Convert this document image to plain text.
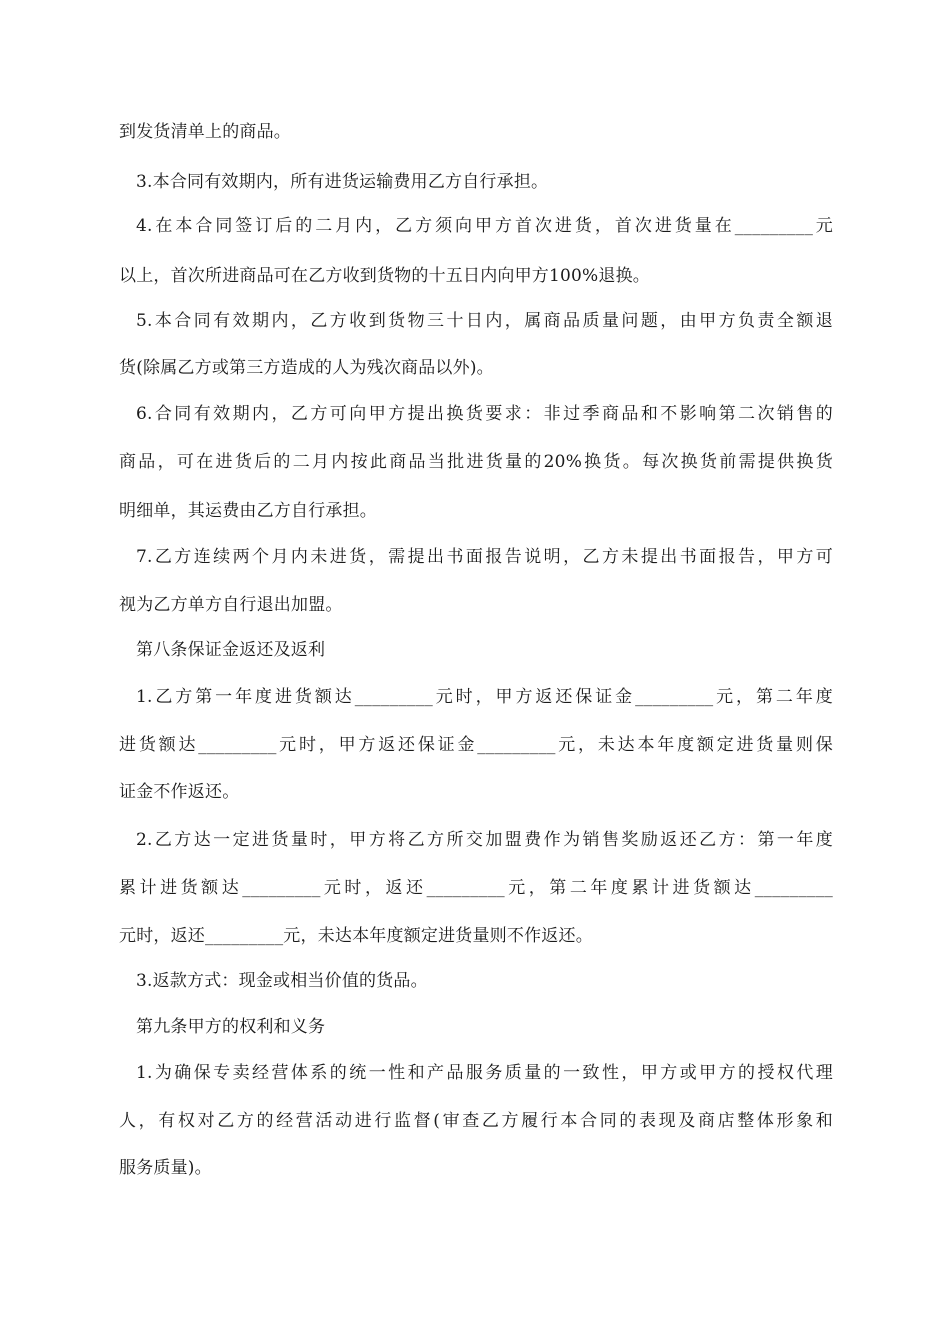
到发货清单上的商品。
3.本合同有效期内，所有进货运输费用乙方自行承担。
4.在本合同签订后的二月内，乙方须向甲方首次进货，首次进货量在_________元
以上，首次所进商品可在乙方收到货物的十五日内向甲方100%退换。
5.本合同有效期内，乙方收到货物三十日内，属商品质量问题，由甲方负责全额退
货(除属乙方或第三方造成的人为残次商品以外)。
6.合同有效期内，乙方可向甲方提出换货要求：非过季商品和不影响第二次销售的
商品，可在进货后的二月内按此商品当批进货量的20%换货。每次换货前需提供换货
明细单，其运费由乙方自行承担。
7.乙方连续两个月内未进货，需提出书面报告说明，乙方未提出书面报告，甲方可
视为乙方单方自行退出加盟。
第八条保证金返还及返利
1.乙方第一年度进货额达_________元时，甲方返还保证金_________元，第二年度
进货额达_________元时，甲方返还保证金_________元，未达本年度额定进货量则保
证金不作返还。
2.乙方达一定进货量时，甲方将乙方所交加盟费作为销售奖励返还乙方：第一年度
累计进货额达_________元时，返还_________元，第二年度累计进货额达_________
元时，返还_________元，未达本年度额定进货量则不作返还。
3.返款方式：现金或相当价值的货品。
第九条甲方的权利和义务
1.为确保专卖经营体系的统一性和产品服务质量的一致性，甲方或甲方的授权代理
人，有权对乙方的经营活动进行监督(审查乙方履行本合同的表现及商店整体形象和
服务质量)。
